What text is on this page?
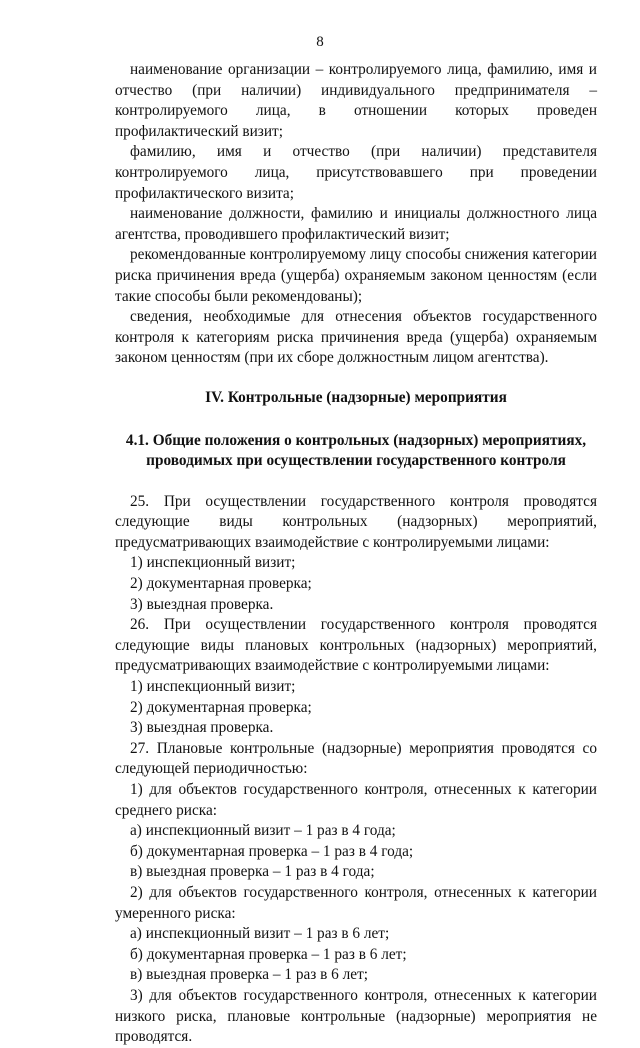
8

наименование организации – контролируемого лица, фамилию, имя и отчество (при наличии) индивидуального предпринимателя – контролируемого лица, в отношении которых проведен профилактический визит;

фамилию, имя и отчество (при наличии) представителя контролируемого лица, присутствовавшего при проведении профилактического визита;

наименование должности, фамилию и инициалы должностного лица агентства, проводившего профилактический визит;

рекомендованные контролируемому лицу способы снижения категории риска причинения вреда (ущерба) охраняемым законом ценностям (если такие способы были рекомендованы);

сведения, необходимые для отнесения объектов государственного контроля к категориям риска причинения вреда (ущерба) охраняемым законом ценностям (при их сборе должностным лицом агентства).

IV. Контрольные (надзорные) мероприятия

4.1. Общие положения о контрольных (надзорных) мероприятиях, проводимых при осуществлении государственного контроля

25. При осуществлении государственного контроля проводятся следующие виды контрольных (надзорных) мероприятий, предусматривающих взаимодействие с контролируемыми лицами:

1) инспекционный визит;

2) документарная проверка;

3) выездная проверка.

26. При осуществлении государственного контроля проводятся следующие виды плановых контрольных (надзорных) мероприятий, предусматривающих взаимодействие с контролируемыми лицами:

1) инспекционный визит;

2) документарная проверка;

3) выездная проверка.

27. Плановые контрольные (надзорные) мероприятия проводятся со следующей периодичностью:

1) для объектов государственного контроля, отнесенных к категории среднего риска:

а) инспекционный визит – 1 раз в 4 года;

б) документарная проверка – 1 раз в 4 года;

в) выездная проверка – 1 раз в 4 года;

2) для объектов государственного контроля, отнесенных к категории умеренного риска:

а) инспекционный визит – 1 раз в 6 лет;

б) документарная проверка – 1 раз в 6 лет;

в) выездная проверка – 1 раз в 6 лет;

3) для объектов государственного контроля, отнесенных к категории низкого риска, плановые контрольные (надзорные) мероприятия не проводятся.
